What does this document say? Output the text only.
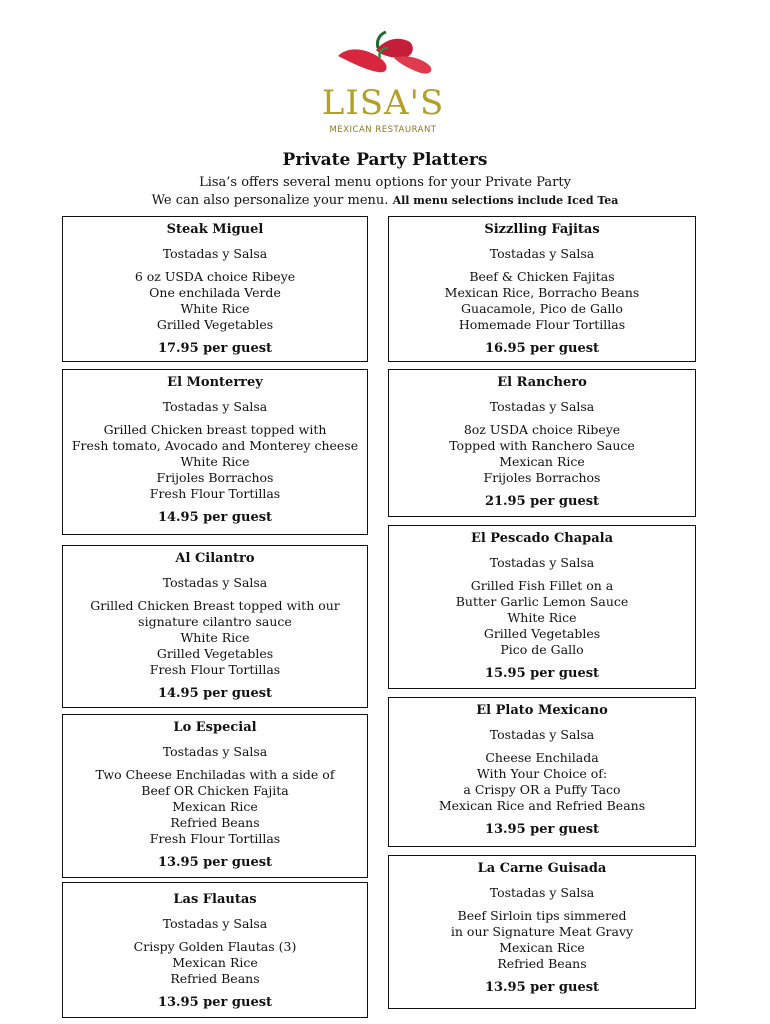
LISA'S
MEXICAN RESTAURANT
Private Party Platters
Lisa’s offers several menu options for your Private Party
We can also personalize your menu. All menu selections include Iced Tea
Steak Miguel
Tostadas y Salsa
6 oz USDA choice Ribeye
One enchilada Verde
White Rice
Grilled Vegetables
17.95 per guest
El Monterrey
Tostadas y Salsa
Grilled Chicken breast topped with
Fresh tomato, Avocado and Monterey cheese
White Rice
Frijoles Borrachos
Fresh Flour Tortillas
14.95 per guest
Al Cilantro
Tostadas y Salsa
Grilled Chicken Breast topped with our
signature cilantro sauce
White Rice
Grilled Vegetables
Fresh Flour Tortillas
14.95 per guest
Lo Especial
Tostadas y Salsa
Two Cheese Enchiladas with a side of
Beef OR Chicken Fajita
Mexican Rice
Refried Beans
Fresh Flour Tortillas
13.95 per guest
Las Flautas
Tostadas y Salsa
Crispy Golden Flautas (3)
Mexican Rice
Refried Beans
13.95 per guest
Sizzlling Fajitas
Tostadas y Salsa
Beef & Chicken Fajitas
Mexican Rice, Borracho Beans
Guacamole, Pico de Gallo
Homemade Flour Tortillas
16.95 per guest
El Ranchero
Tostadas y Salsa
8oz USDA choice Ribeye
Topped with Ranchero Sauce
Mexican Rice
Frijoles Borrachos
21.95 per guest
El Pescado Chapala
Tostadas y Salsa
Grilled Fish Fillet on a
Butter Garlic Lemon Sauce
White Rice
Grilled Vegetables
Pico de Gallo
15.95 per guest
El Plato Mexicano
Tostadas y Salsa
Cheese Enchilada
With Your Choice of:
a Crispy OR a Puffy Taco
Mexican Rice and Refried Beans
13.95 per guest
La Carne Guisada
Tostadas y Salsa
Beef Sirloin tips simmered
in our Signature Meat Gravy
Mexican Rice
Refried Beans
13.95 per guest
